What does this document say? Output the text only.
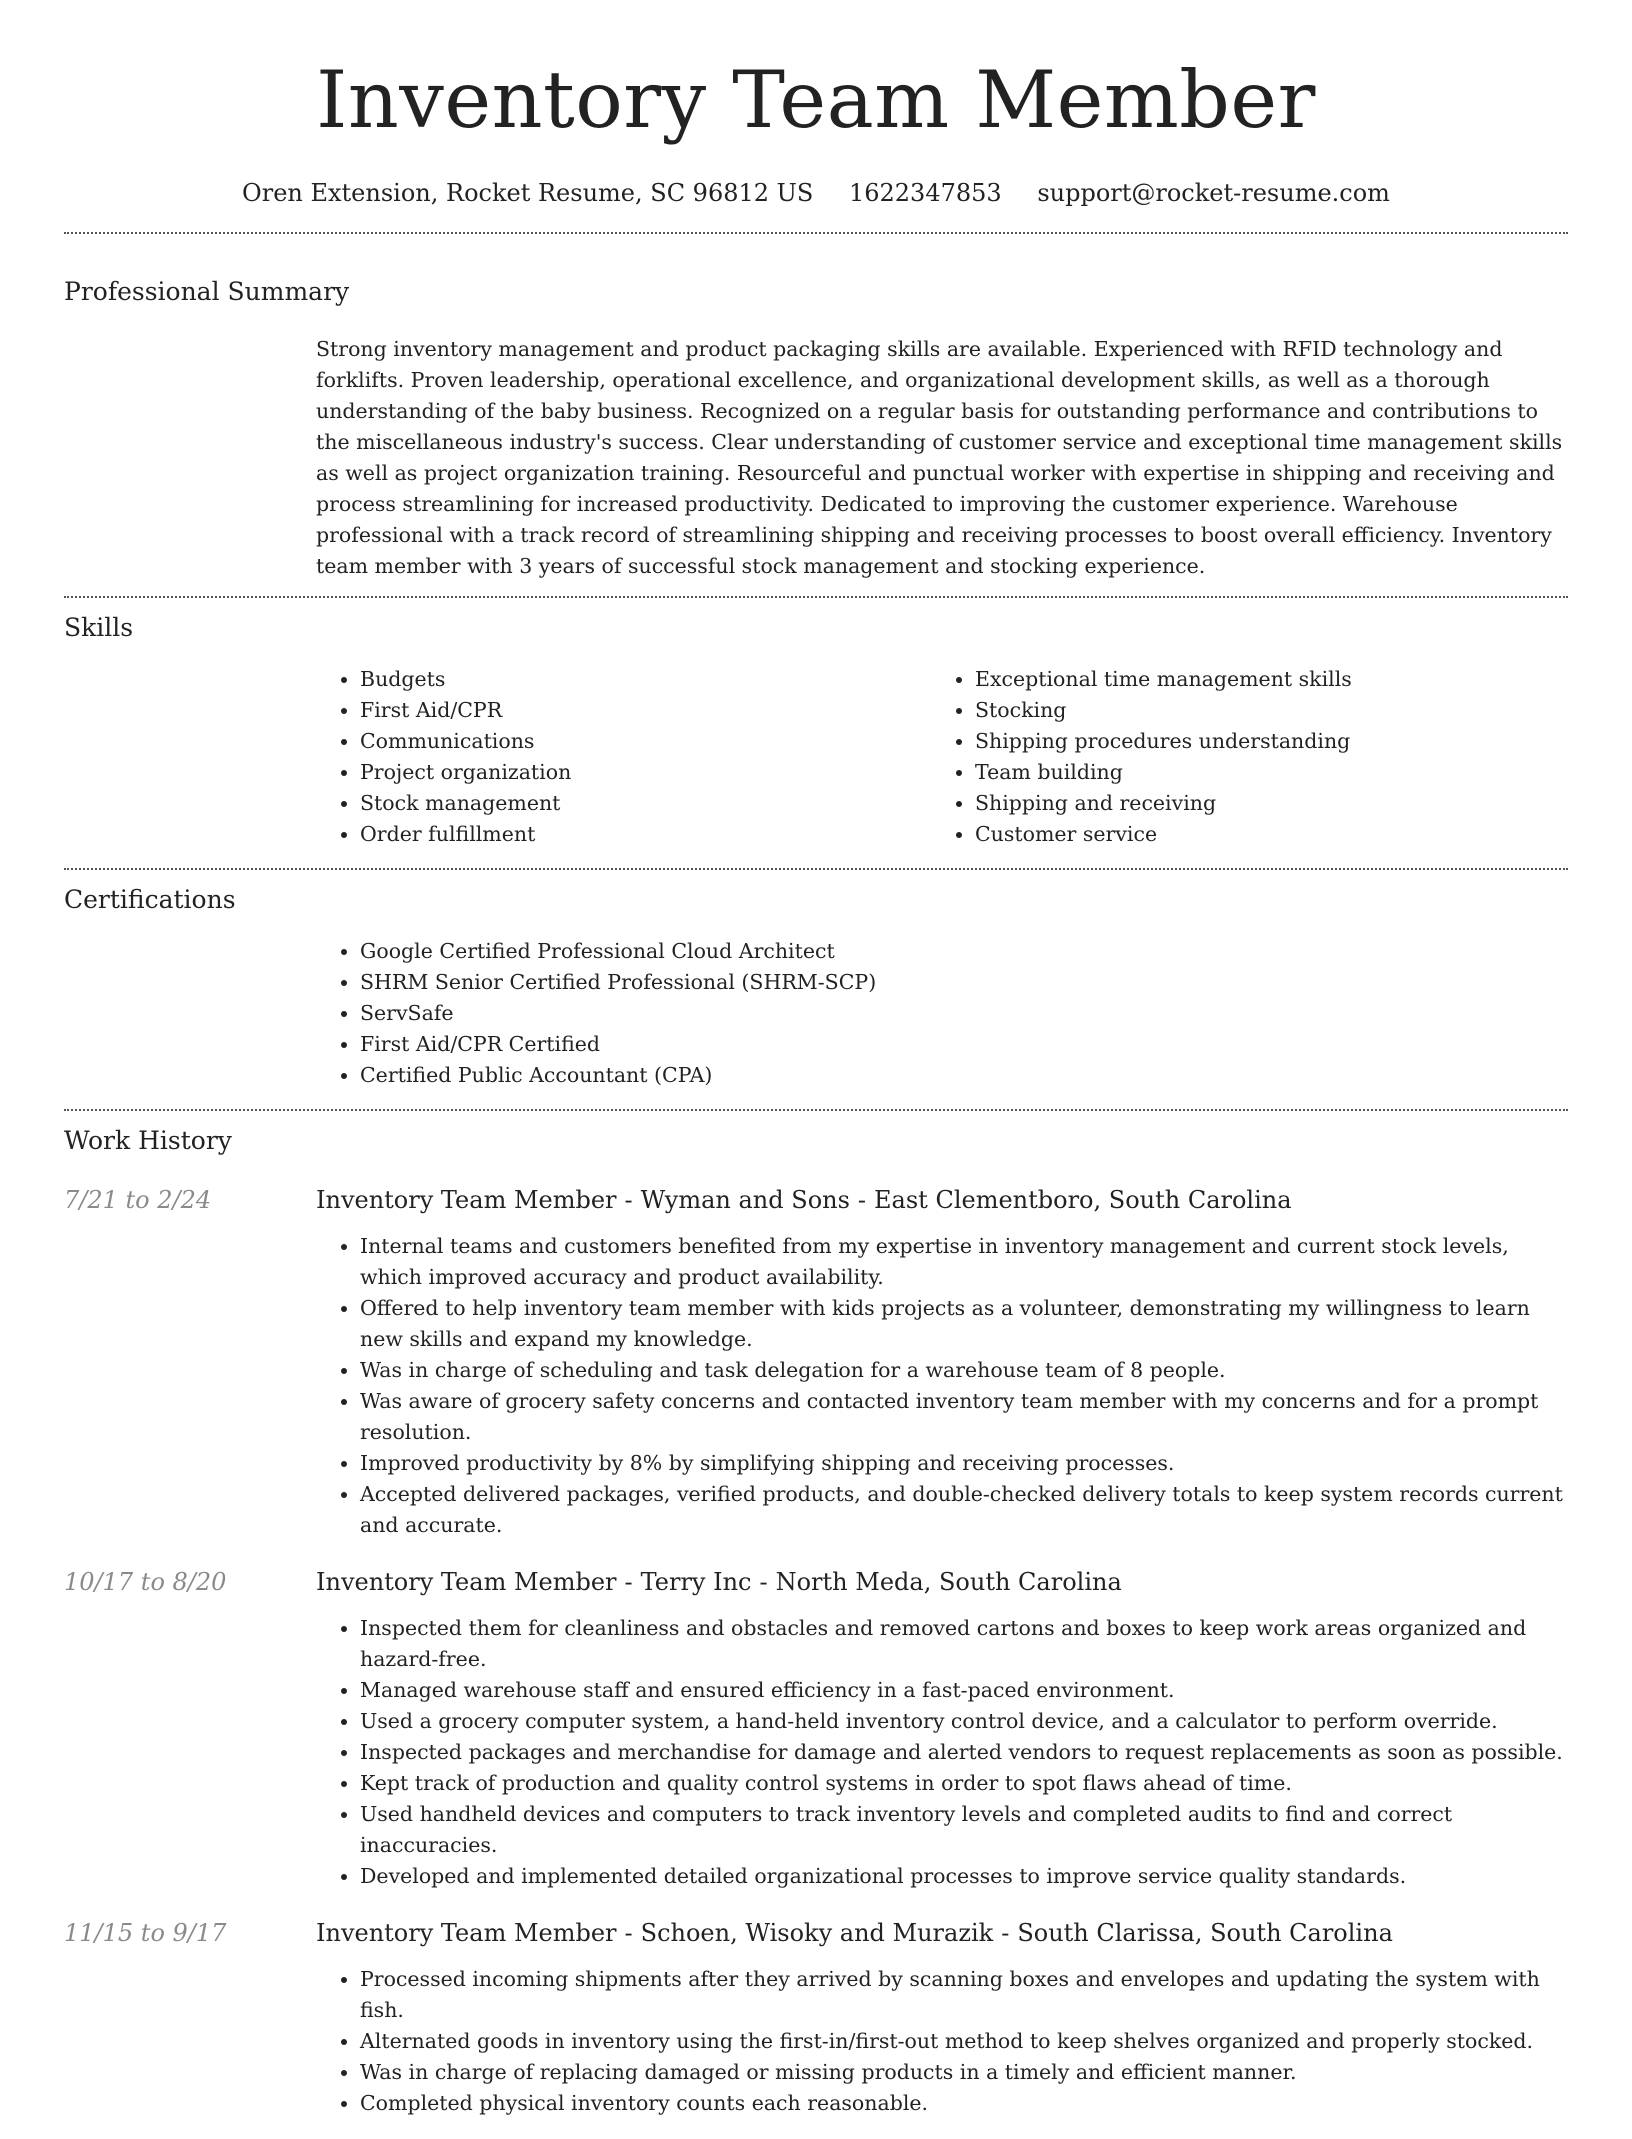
Inventory Team Member
Oren Extension, Rocket Resume, SC 96812 US 1622347853 support@rocket-resume.com
Professional Summary

Strong inventory management and product packaging skills are available. Experienced with RFID technology and forklifts. Proven leadership, operational excellence, and organizational development skills, as well as a thorough understanding of the baby business. Recognized on a regular basis for outstanding performance and contributions to the miscellaneous industry's success. Clear understanding of customer service and exceptional time management skills as well as project organization training. Resourceful and punctual worker with expertise in shipping and receiving and process streamlining for increased productivity. Dedicated to improving the customer experience. Warehouse professional with a track record of streamlining shipping and receiving processes to boost overall efficiency. Inventory team member with 3 years of successful stock management and stocking experience.

Skills
• Budgets
• First Aid/CPR
• Communications
• Project organization
• Stock management
• Order fulfillment
• Exceptional time management skills
• Stocking
• Shipping procedures understanding
• Team building
• Shipping and receiving
• Customer service
Certifications
• Google Certified Professional Cloud Architect
• SHRM Senior Certified Professional (SHRM-SCP)
• ServSafe
• First Aid/CPR Certified
• Certified Public Accountant (CPA)
Work History
7/21 to 2/24	Inventory Team Member - Wyman and Sons - East Clementboro, South Carolina
• Internal teams and customers benefited from my expertise in inventory management and current stock levels, which improved accuracy and product availability.
• Offered to help inventory team member with kids projects as a volunteer, demonstrating my willingness to learn new skills and expand my knowledge.
• Was in charge of scheduling and task delegation for a warehouse team of 8 people.
• Was aware of grocery safety concerns and contacted inventory team member with my concerns and for a prompt resolution.
• Improved productivity by 8% by simplifying shipping and receiving processes.
• Accepted delivered packages, verified products, and double-checked delivery totals to keep system records current and accurate.
10/17 to 8/20	Inventory Team Member - Terry Inc - North Meda, South Carolina
• Inspected them for cleanliness and obstacles and removed cartons and boxes to keep work areas organized and hazard-free.
• Managed warehouse staff and ensured efficiency in a fast-paced environment.
• Used a grocery computer system, a hand-held inventory control device, and a calculator to perform override.
• Inspected packages and merchandise for damage and alerted vendors to request replacements as soon as possible.
• Kept track of production and quality control systems in order to spot flaws ahead of time.
• Used handheld devices and computers to track inventory levels and completed audits to find and correct inaccuracies.
• Developed and implemented detailed organizational processes to improve service quality standards.
11/15 to 9/17	Inventory Team Member - Schoen, Wisoky and Murazik - South Clarissa, South Carolina
• Processed incoming shipments after they arrived by scanning boxes and envelopes and updating the system with fish.
• Alternated goods in inventory using the first-in/first-out method to keep shelves organized and properly stocked.
• Was in charge of replacing damaged or missing products in a timely and efficient manner.
• Completed physical inventory counts each reasonable.
